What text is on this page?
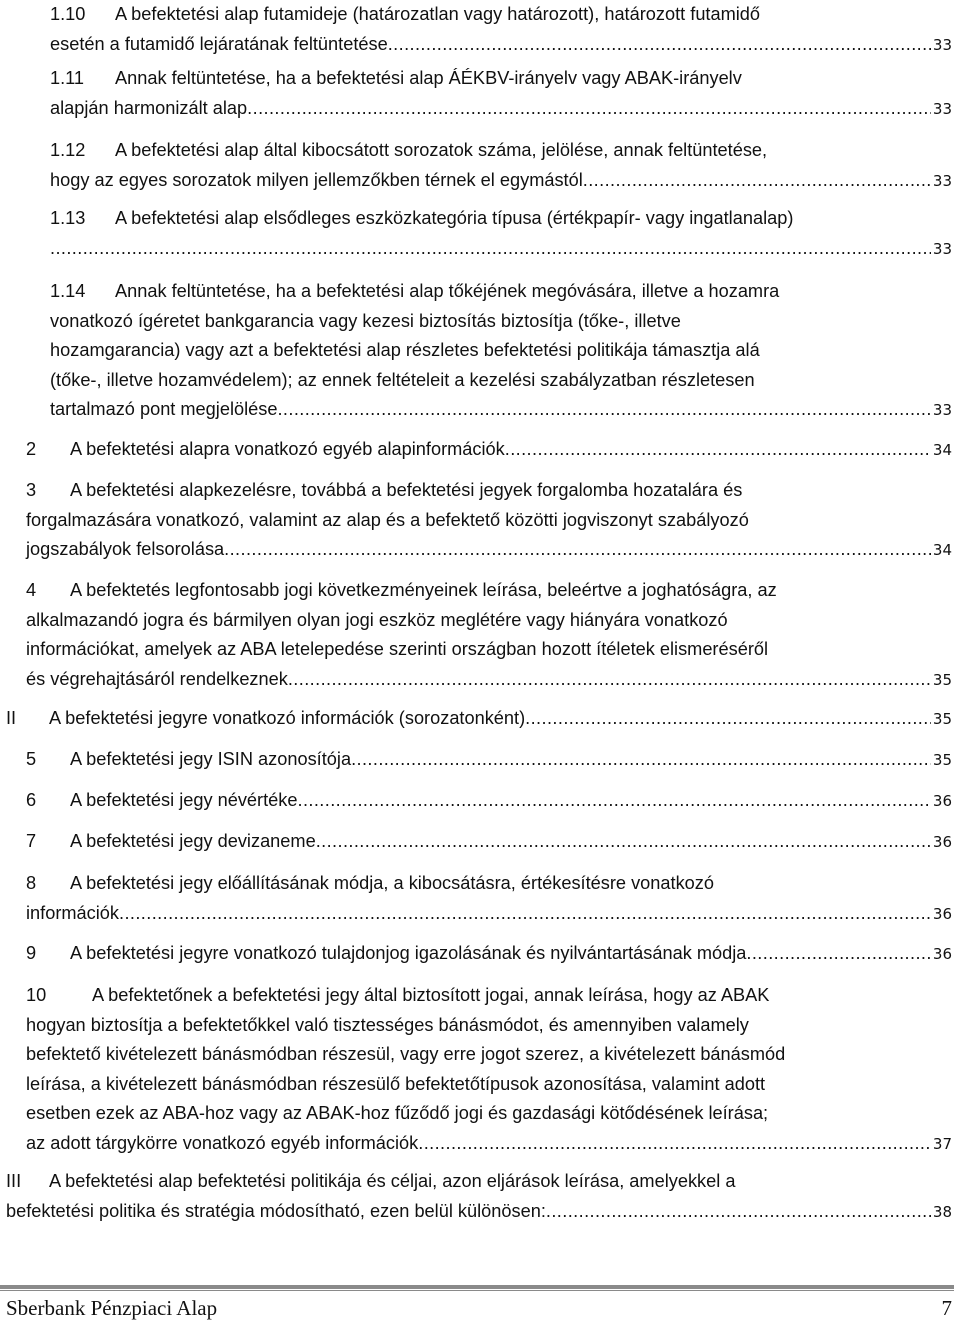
1.10	A befektetési alap futamideje (határozatlan vagy határozott), határozott futamidő
esetén a futamidő lejáratának feltüntetése .....	33
1.11	Annak feltüntetése, ha a befektetési alap ÁÉKBV-irányelv vagy ABAK-irányelv
alapján harmonizált alap .....	33
1.12	A befektetési alap által kibocsátott sorozatok száma, jelölése, annak feltüntetése,
hogy az egyes sorozatok milyen jellemzőkben térnek el egymástól .....	33
1.13	A befektetési alap elsődleges eszközkategória típusa (értékpapír- vagy ingatlanalap)
.....
33
1.14	Annak feltüntetése, ha a befektetési alap tőkéjének megóvására, illetve a hozamra
vonatkozó ígéretet bankgarancia vagy kezesi biztosítás biztosítja (tőke-, illetve
hozamgarancia) vagy azt a befektetési alap részletes befektetési politikája támasztja alá
(tőke-, illetve hozamvédelem); az ennek feltételeit a kezelési szabályzatban részletesen
tartalmazó pont megjelölése .....	33
2	A befektetési alapra vonatkozó egyéb alapinformációk .....	34
3	A befektetési alapkezelésre, továbbá a befektetési jegyek forgalomba hozatalára és
forgalmazására vonatkozó, valamint az alap és a befektető közötti jogviszonyt szabályozó
jogszabályok felsorolása .....	34
4	A befektetés legfontosabb jogi következményeinek leírása, beleértve a joghatóságra, az
alkalmazandó jogra és bármilyen olyan jogi eszköz meglétére vagy hiányára vonatkozó
információkat, amelyek az ABA letelepedése szerinti országban hozott ítéletek elismeréséről
és végrehajtásáról rendelkeznek .....	35
II	A befektetési jegyre vonatkozó információk (sorozatonként) .....	35
5	A befektetési jegy ISIN azonosítója .....	35
6	A befektetési jegy névértéke .....	36
7	A befektetési jegy devizaneme .....	36
8	A befektetési jegy előállításának módja, a kibocsátásra, értékesítésre vonatkozó
információk .....	36
9	A befektetési jegyre vonatkozó tulajdonjog igazolásának és nyilvántartásának módja .....	36
10	A befektetőnek a befektetési jegy által biztosított jogai, annak leírása, hogy az ABAK
hogyan biztosítja a befektetőkkel való tisztességes bánásmódot, és amennyiben valamely
befektető kivételezett bánásmódban részesül, vagy erre jogot szerez, a kivételezett bánásmód
leírása, a kivételezett bánásmódban részesülő befektetőtípusok azonosítása, valamint adott
esetben ezek az ABA-hoz vagy az ABAK-hoz fűződő jogi és gazdasági kötődésének leírása;
az adott tárgykörre vonatkozó egyéb információk .....	37
III	A befektetési alap befektetési politikája és céljai, azon eljárások leírása, amelyekkel a
befektetési politika és stratégia módosítható, ezen belül különösen: .....	38
Sberbank Pénzpiaci Alap	7
